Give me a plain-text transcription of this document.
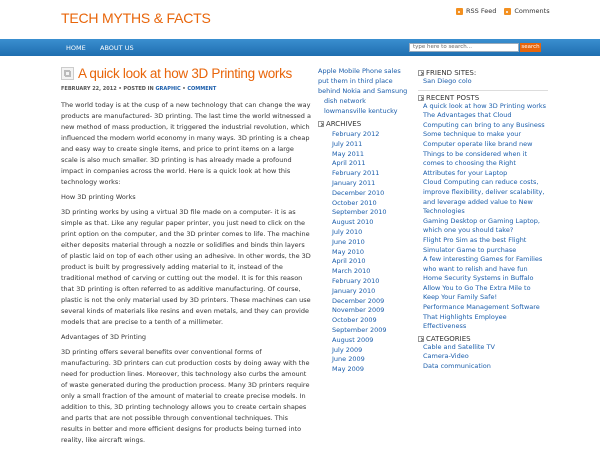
TECH MYTHS & FACTS	RSS Feed	Comments
HOME ABOUT US	type here to search...	search
A quick look at how 3D Printing works
FEBRUARY 22, 2012 • POSTED IN GRAPHIC • COMMENT

The world today is at the cusp of a new technology that can change the way products are manufactured- 3D printing. The last time the world witnessed a new method of mass production, it triggered the industrial revolution, which influenced the modern world economy in many ways. 3D printing is a cheap and easy way to create single items, and price to print items on a large scale is also much smaller. 3D printing is has already made a profound impact in companies across the world. Here is a quick look at how this technology works:

How 3D printing Works

3D printing works by using a virtual 3D file made on a computer- it is as simple as that. Like any regular paper printer, you just need to click on the print option on the computer, and the 3D printer comes to life. The machine either deposits material through a nozzle or solidifies and binds thin layers of plastic laid on top of each other using an adhesive. In other words, the 3D product is built by progressively adding material to it, instead of the traditional method of carving or cutting out the model. It is for this reason that 3D printing is often referred to as additive manufacturing. Of course, plastic is not the only material used by 3D printers. These machines can use several kinds of materials like resins and even metals, and they can provide models that are precise to a tenth of a millimeter.

Advantages of 3D Printing

3D printing offers several benefits over conventional forms of manufacturing. 3D printers can cut production costs by doing away with the need for production lines. Moreover, this technology also curbs the amount of waste generated during the production process. Many 3D printers require only a small fraction of the amount of material to create precise models. In addition to this, 3D printing technology allows you to create certain shapes and parts that are not possible through conventional techniques. This results in better and more efficient designs for products being turned into reality, like aircraft wings.

Apple Mobile Phone sales put them in third place behind Nokia and Samsung
dish network
lowmansville kentucky
ARCHIVES
February 2012
July 2011
May 2011
April 2011
February 2011
January 2011
December 2010
October 2010
September 2010
August 2010
July 2010
June 2010
May 2010
April 2010
March 2010
February 2010
January 2010
December 2009
November 2009
October 2009
September 2009
August 2009
July 2009
June 2009
May 2009
FRIEND SITES:
San Diego colo
RECENT POSTS
A quick look at how 3D Printing works
The Advantages that Cloud Computing can bring to any Business
Some technique to make your Computer operate like brand new
Things to be considered when it comes to choosing the Right Attributes for your Laptop
Cloud Computing can reduce costs, improve flexibility, deliver scalability, and leverage added value to New Technologies
Gaming Desktop or Gaming Laptop, which one you should take?
Flight Pro Sim as the best Flight Simulator Game to purchase
A few interesting Games for Families who want to relish and have fun
Home Security Systems in Buffalo
Allow You to Go The Extra Mile to Keep Your Family Safe!
Performance Management Software That Highlights Employee Effectiveness
CATEGORIES
Cable and Satellite TV
Camera-Video
Data communication
